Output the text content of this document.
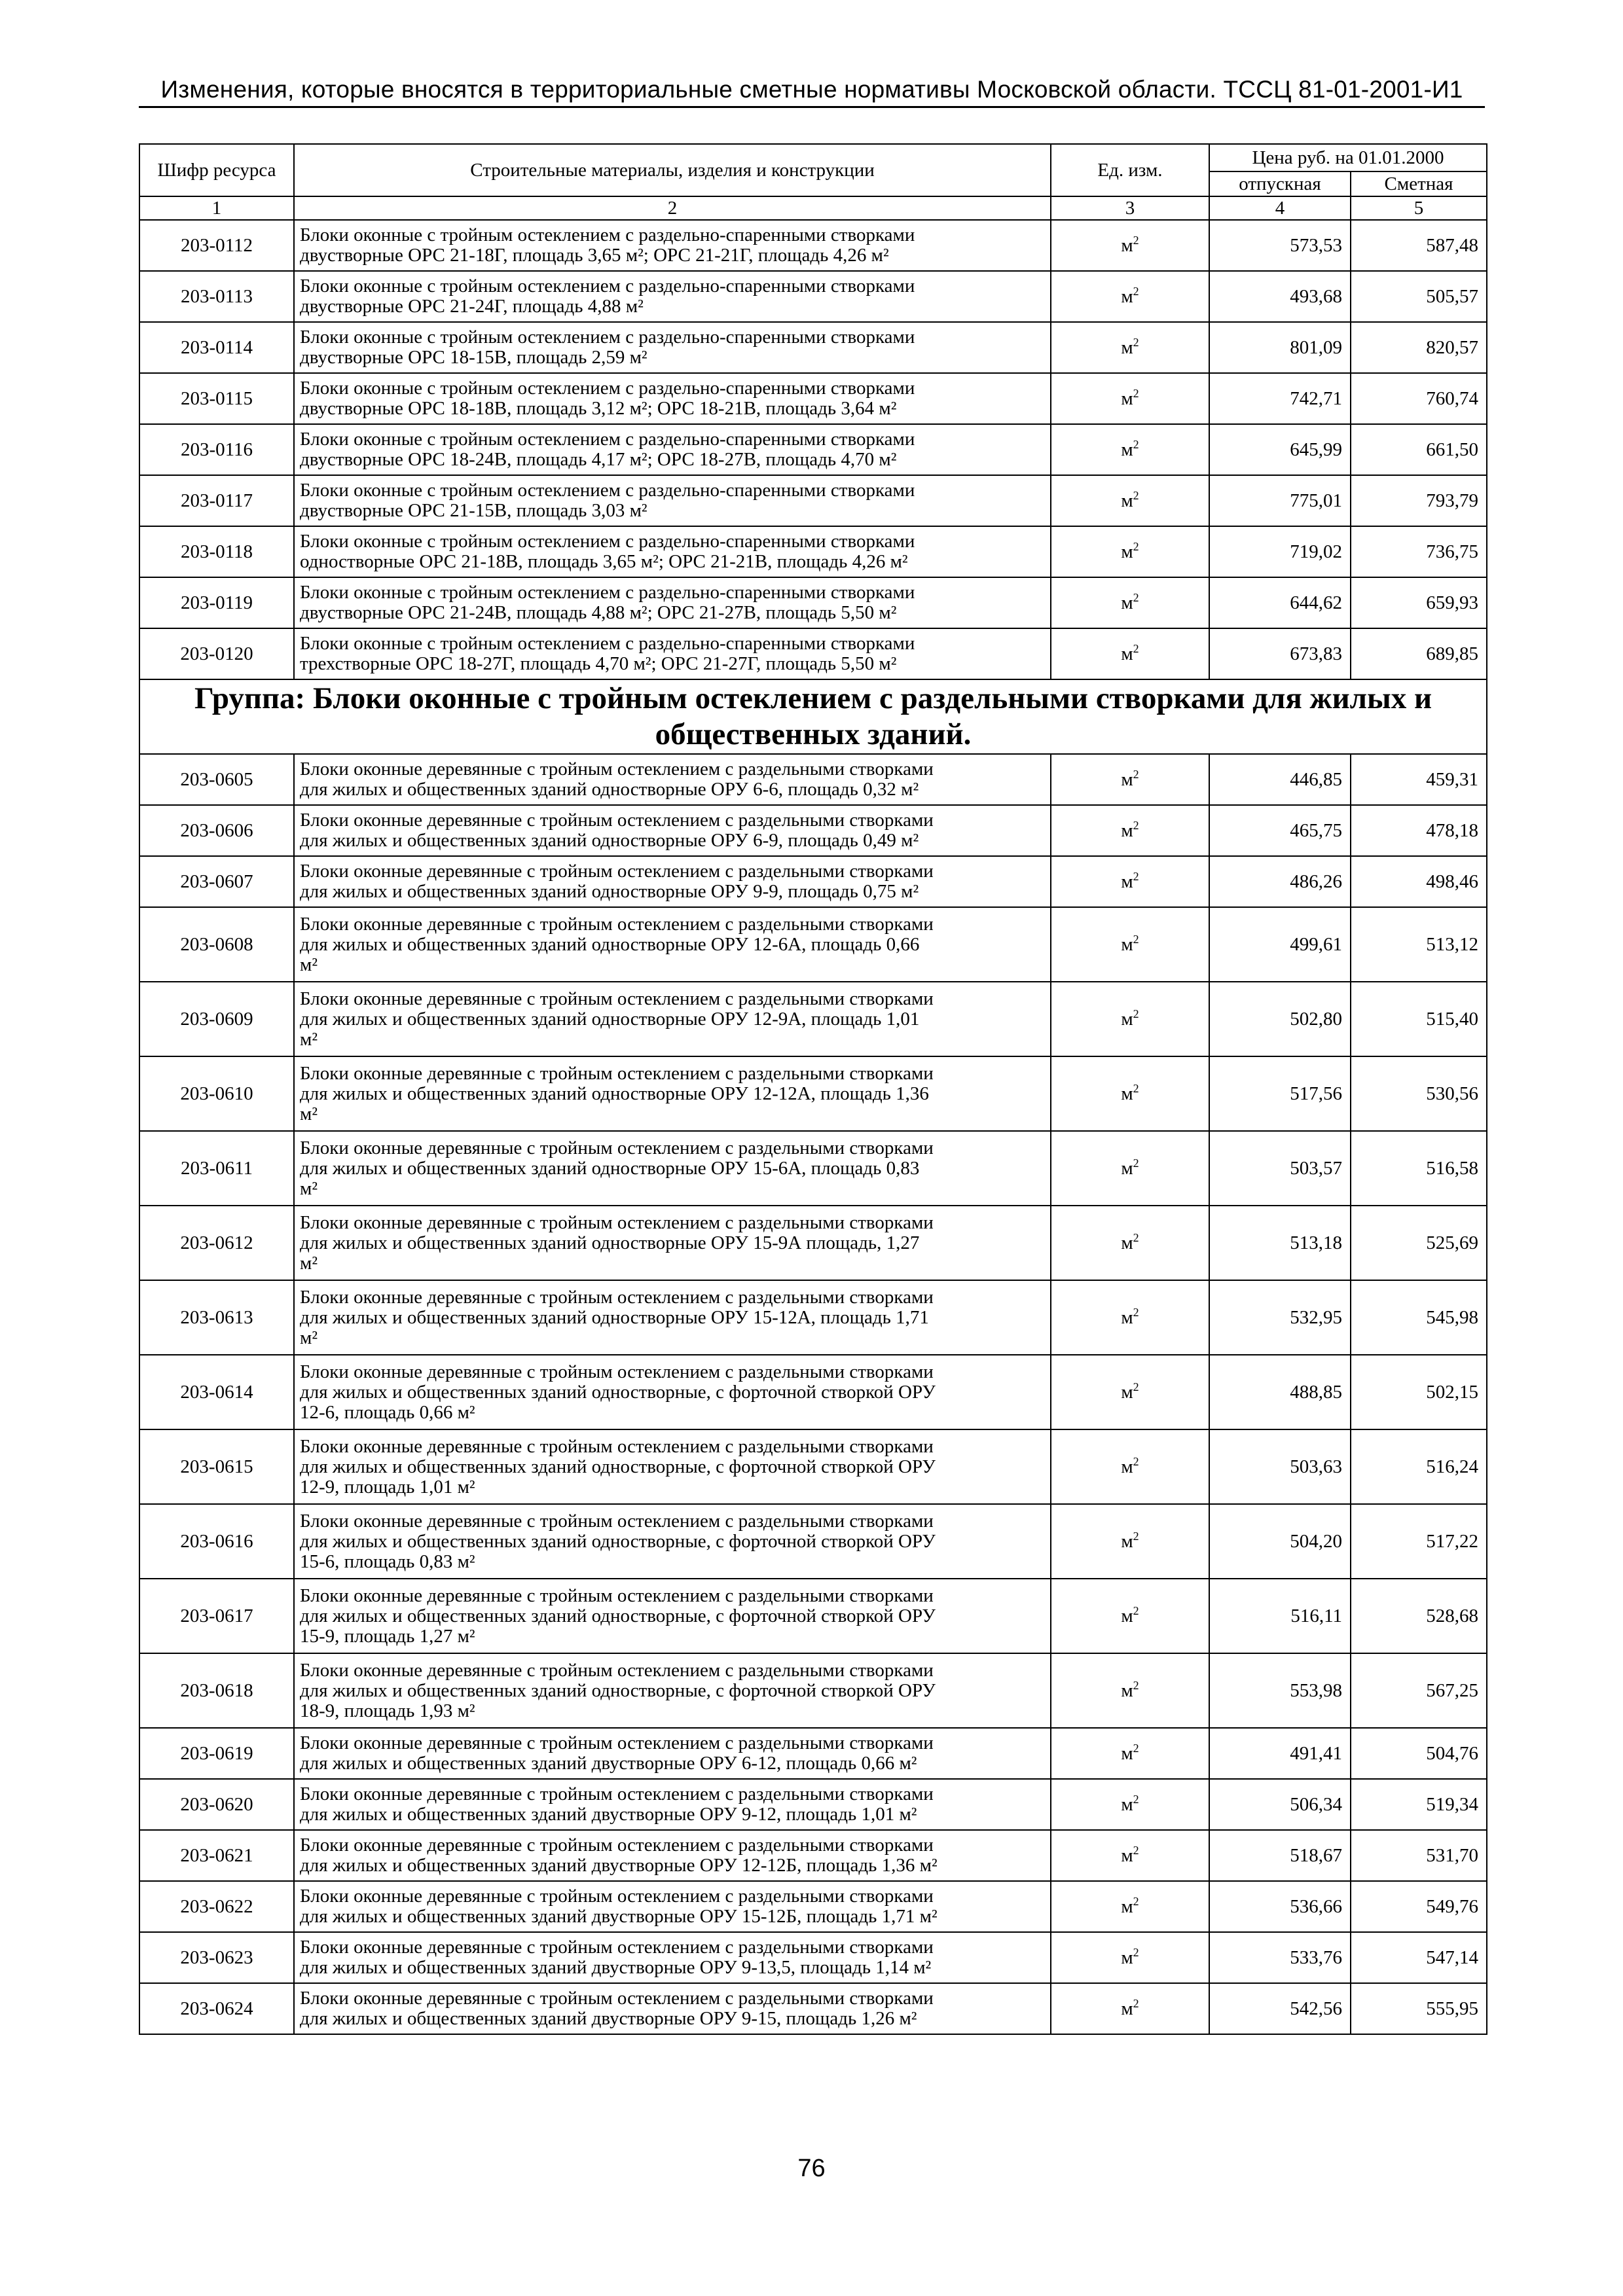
Изменения, которые вносятся в территориальные сметные нормативы Московской области. ТССЦ 81-01-2001-И1
Шифр ресурса	Строительные материалы, изделия и конструкции	Ед. изм.	Цена руб. на 01.01.2000	
			отпускная	Сметная
1	2	3	4	5
203-0112	Блоки оконные с тройным остеклением с раздельно-спаренными створками
двустворные ОРС 21-18Г, площадь 3,65 м²; ОРС 21-21Г, площадь 4,26 м²	$м^2$	573,53	587,48
203-0113	Блоки оконные с тройным остеклением с раздельно-спаренными створками
двустворные ОРС 21-24Г, площадь 4,88 м²	$м^2$	493,68	505,57
203-0114	Блоки оконные с тройным остеклением с раздельно-спаренными створками
двустворные ОРС 18-15В, площадь 2,59 м²	$м^2$	801,09	820,57
203-0115	Блоки оконные с тройным остеклением с раздельно-спаренными створками
двустворные ОРС 18-18В, площадь 3,12 м²; ОРС 18-21В, площадь 3,64 м²	$м^2$	742,71	760,74
203-0116	Блоки оконные с тройным остеклением с раздельно-спаренными створками
двустворные ОРС 18-24В, площадь 4,17 м²; ОРС 18-27В, площадь 4,70 м²	$м^2$	645,99	661,50
203-0117	Блоки оконные с тройным остеклением с раздельно-спаренными створками
двустворные ОРС 21-15В, площадь 3,03 м²	$м^2$	775,01	793,79
203-0118	Блоки оконные с тройным остеклением с раздельно-спаренными створками
одностворные ОРС 21-18В, площадь 3,65 м²; ОРС 21-21В, площадь 4,26 м²	$м^2$	719,02	736,75
203-0119	Блоки оконные с тройным остеклением с раздельно-спаренными створками
двустворные ОРС 21-24В, площадь 4,88 м²; ОРС 21-27В, площадь 5,50 м²	$м^2$	644,62	659,93
203-0120	Блоки оконные с тройным остеклением с раздельно-спаренными створками
трехстворные ОРС 18-27Г, площадь 4,70 м²; ОРС 21-27Г, площадь 5,50 м²	$м^2$	673,83	689,85
Группа: Блоки оконные с тройным остеклением с раздельными створками для жилых и общественных зданий.				
203-0605	Блоки оконные деревянные с тройным остеклением с раздельными створками
для жилых и общественных зданий одностворные ОРУ 6-6, площадь 0,32 м²	$м^2$	446,85	459,31
203-0606	Блоки оконные деревянные с тройным остеклением с раздельными створками
для жилых и общественных зданий одностворные ОРУ 6-9, площадь 0,49 м²	$м^2$	465,75	478,18
203-0607	Блоки оконные деревянные с тройным остеклением с раздельными створками
для жилых и общественных зданий одностворные ОРУ 9-9, площадь 0,75 м²	$м^2$	486,26	498,46
203-0608	Блоки оконные деревянные с тройным остеклением с раздельными створками
для жилых и общественных зданий одностворные ОРУ 12-6А, площадь 0,66
м²	$м^2$	499,61	513,12
203-0609	Блоки оконные деревянные с тройным остеклением с раздельными створками
для жилых и общественных зданий одностворные ОРУ 12-9А, площадь 1,01
м²	$м^2$	502,80	515,40
203-0610	Блоки оконные деревянные с тройным остеклением с раздельными створками
для жилых и общественных зданий одностворные ОРУ 12-12А, площадь 1,36
м²	$м^2$	517,56	530,56
203-0611	Блоки оконные деревянные с тройным остеклением с раздельными створками
для жилых и общественных зданий одностворные ОРУ 15-6А, площадь 0,83
м²	$м^2$	503,57	516,58
203-0612	Блоки оконные деревянные с тройным остеклением с раздельными створками
для жилых и общественных зданий одностворные ОРУ 15-9А площадь, 1,27
м²	$м^2$	513,18	525,69
203-0613	Блоки оконные деревянные с тройным остеклением с раздельными створками
для жилых и общественных зданий одностворные ОРУ 15-12А, площадь 1,71
м²	$м^2$	532,95	545,98
203-0614	Блоки оконные деревянные с тройным остеклением с раздельными створками
для жилых и общественных зданий одностворные, с форточной створкой ОРУ
12-6, площадь 0,66 м²	$м^2$	488,85	502,15
203-0615	Блоки оконные деревянные с тройным остеклением с раздельными створками
для жилых и общественных зданий одностворные, с форточной створкой ОРУ
12-9, площадь 1,01 м²	$м^2$	503,63	516,24
203-0616	Блоки оконные деревянные с тройным остеклением с раздельными створками
для жилых и общественных зданий одностворные, с форточной створкой ОРУ
15-6, площадь 0,83 м²	$м^2$	504,20	517,22
203-0617	Блоки оконные деревянные с тройным остеклением с раздельными створками
для жилых и общественных зданий одностворные, с форточной створкой ОРУ
15-9, площадь 1,27 м²	$м^2$	516,11	528,68
203-0618	Блоки оконные деревянные с тройным остеклением с раздельными створками
для жилых и общественных зданий одностворные, с форточной створкой ОРУ
18-9, площадь 1,93 м²	$м^2$	553,98	567,25
203-0619	Блоки оконные деревянные с тройным остеклением с раздельными створками
для жилых и общественных зданий двустворные ОРУ 6-12, площадь 0,66 м²	$м^2$	491,41	504,76
203-0620	Блоки оконные деревянные с тройным остеклением с раздельными створками
для жилых и общественных зданий двустворные ОРУ 9-12, площадь 1,01 м²	$м^2$	506,34	519,34
203-0621	Блоки оконные деревянные с тройным остеклением с раздельными створками
для жилых и общественных зданий двустворные ОРУ 12-12Б, площадь 1,36 м²	$м^2$	518,67	531,70
203-0622	Блоки оконные деревянные с тройным остеклением с раздельными створками
для жилых и общественных зданий двустворные ОРУ 15-12Б, площадь 1,71 м²	$м^2$	536,66	549,76
203-0623	Блоки оконные деревянные с тройным остеклением с раздельными створками
для жилых и общественных зданий двустворные ОРУ 9-13,5, площадь 1,14 м²	$м^2$	533,76	547,14
203-0624	Блоки оконные деревянные с тройным остеклением с раздельными створками
для жилых и общественных зданий двустворные ОРУ 9-15, площадь 1,26 м²	$м^2$	542,56	555,95
76
